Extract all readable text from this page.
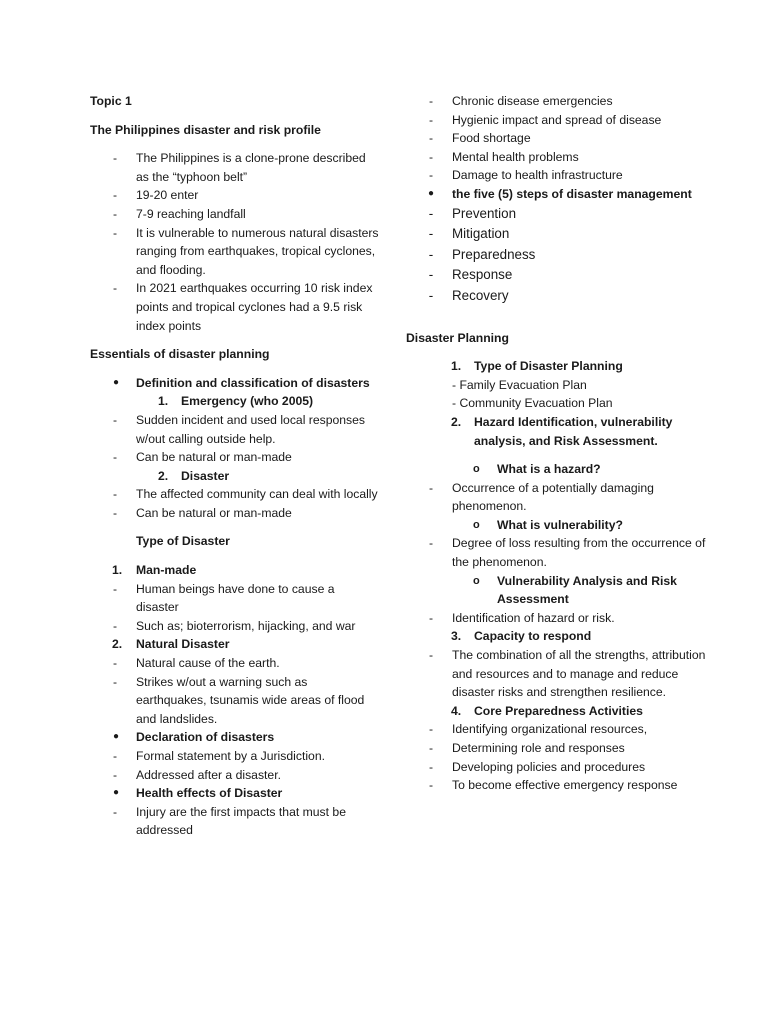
Topic 1

The Philippines disaster and risk profile

- The Philippines is a clone-prone described as the “typhoon belt”
- 19-20 enter
- 7-9 reaching landfall
- It is vulnerable to numerous natural disasters ranging from earthquakes, tropical cyclones, and flooding.
- In 2021 earthquakes occurring 10 risk index points and tropical cyclones had a 9.5 risk index points

Essentials of disaster planning

● Definition and classification of disasters
1. Emergency (who 2005)
- Sudden incident and used local responses w/out calling outside help.
- Can be natural or man-made
2. Disaster
- The affected community can deal with locally
- Can be natural or man-made

Type of Disaster

1. Man-made
- Human beings have done to cause a disaster
- Such as; bioterrorism, hijacking, and war
2. Natural Disaster
- Natural cause of the earth.
- Strikes w/out a warning such as earthquakes, tsunamis wide areas of flood and landslides.
● Declaration of disasters
- Formal statement by a Jurisdiction.
- Addressed after a disaster.
● Health effects of Disaster
- Injury are the first impacts that must be addressed
- Chronic disease emergencies
- Hygienic impact and spread of disease
- Food shortage
- Mental health problems
- Damage to health infrastructure
● the five (5) steps of disaster management
- Prevention
- Mitigation
- Preparedness
- Response
- Recovery

Disaster Planning

1. Type of Disaster Planning

- Family Evacuation Plan

- Community Evacuation Plan

2. Hazard Identification, vulnerability analysis, and Risk Assessment.
o What is a hazard?
- Occurrence of a potentially damaging phenomenon.
o What is vulnerability?
- Degree of loss resulting from the occurrence of the phenomenon.
o Vulnerability Analysis and Risk Assessment
- Identification of hazard or risk.
3. Capacity to respond
- The combination of all the strengths, attribution and resources and to manage and reduce disaster risks and strengthen resilience.
4. Core Preparedness Activities
- Identifying organizational resources,
- Determining role and responses
- Developing policies and procedures
- To become effective emergency response
